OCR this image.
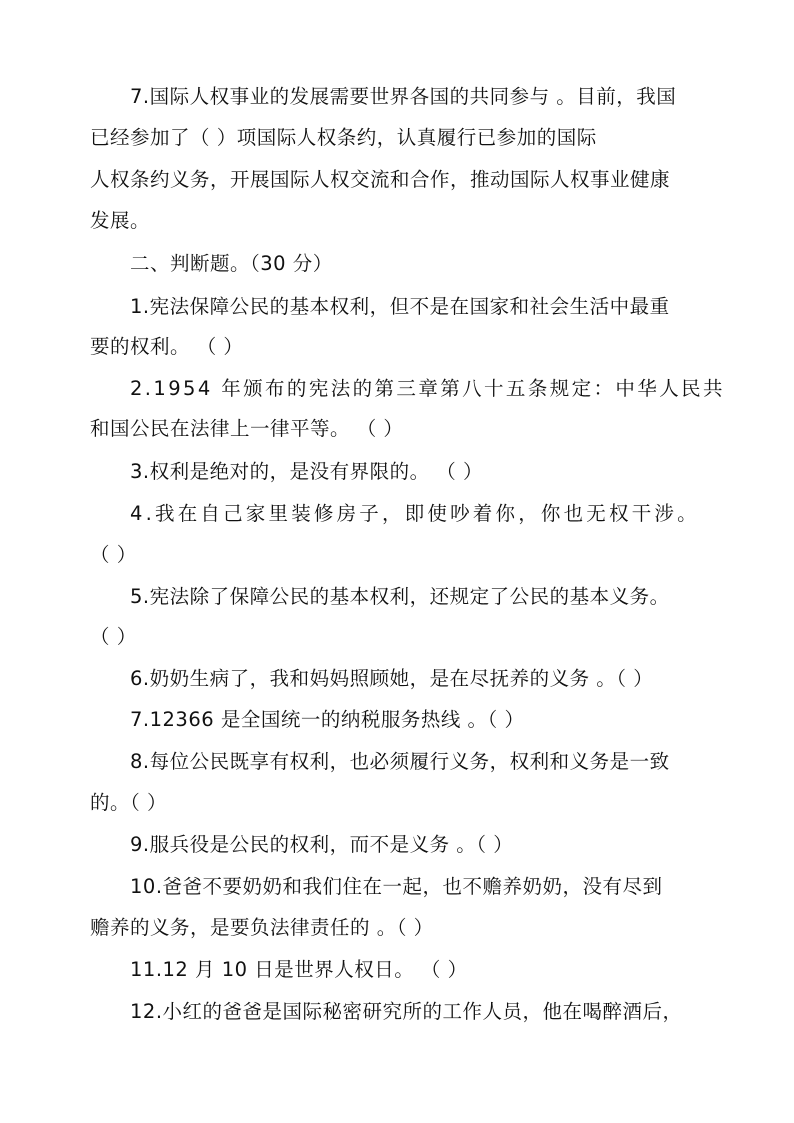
7.国际人权事业的发展需要世界各国的共同参与 。目前，我国
已经参加了（ ）项国际人权条约，认真履行已参加的国际
人权条约义务，开展国际人权交流和合作，推动国际人权事业健康
发展。
二、判断题。（30 分）
1.宪法保障公民的基本权利，但不是在国家和社会生活中最重
要的权利。 （ ）
2.1954 年颁布的宪法的第三章第八十五条规定：中华人民共
和国公民在法律上一律平等。 （ ）
3.权利是绝对的，是没有界限的。 （ ）
4.我在自己家里装修房子，即使吵着你，你也无权干涉。
（ ）
5.宪法除了保障公民的基本权利，还规定了公民的基本义务。
（ ）
6.奶奶生病了，我和妈妈照顾她，是在尽抚养的义务 。（ ）
7.12366 是全国统一的纳税服务热线 。（ ）
8.每位公民既享有权利，也必须履行义务，权利和义务是一致
的。（ ）
9.服兵役是公民的权利，而不是义务 。（ ）
10.爸爸不要奶奶和我们住在一起，也不赡养奶奶，没有尽到
赡养的义务，是要负法律责任的 。（ ）
11.12 月 10 日是世界人权日。 （ ）
12.小红的爸爸是国际秘密研究所的工作人员，他在喝醉酒后，
